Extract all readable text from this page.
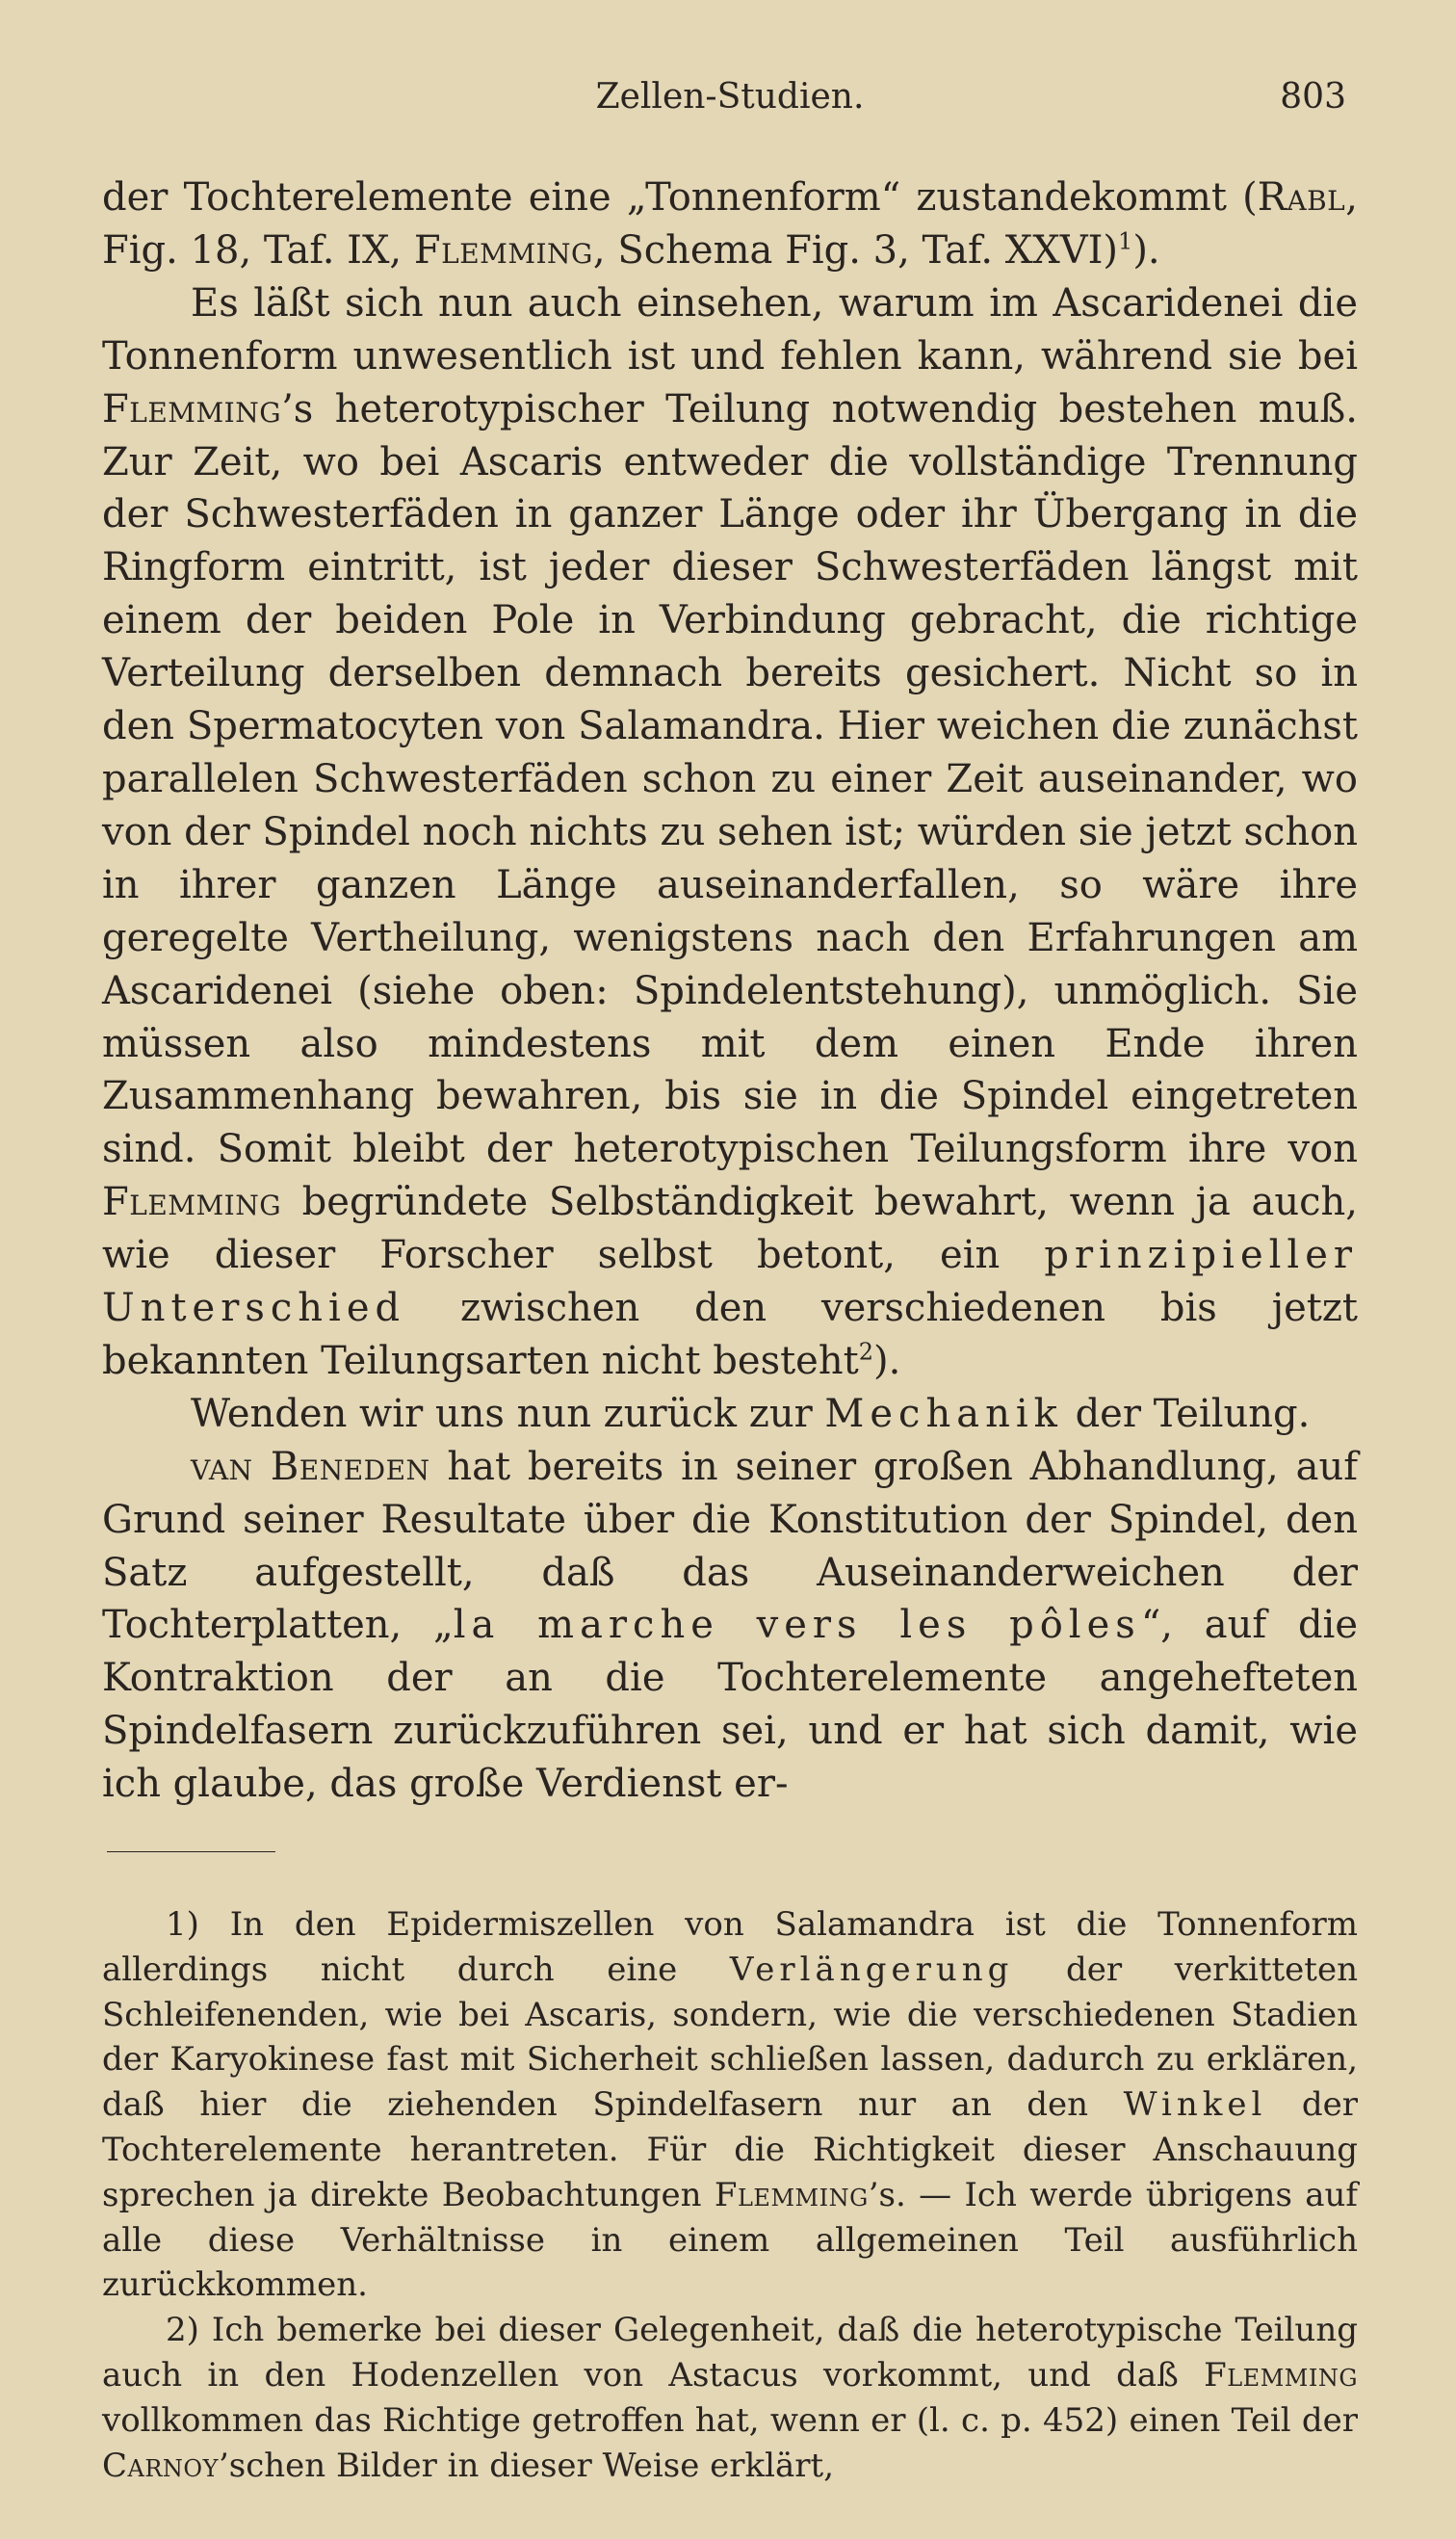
Zellen-Studien.	803

der Tochterelemente eine „Tonnenform“ zustandekommt (Rabl, Fig. 18, Taf. IX, Flemming, Schema Fig. 3, Taf. XXVI)$^1$).

Es läßt sich nun auch einsehen, warum im Ascaridenei die Tonnenform unwesentlich ist und fehlen kann, während sie bei Flemming’s heterotypischer Teilung notwendig bestehen muß. Zur Zeit, wo bei Ascaris entweder die vollständige Trennung der Schwesterfäden in ganzer Länge oder ihr Übergang in die Ringform eintritt, ist jeder dieser Schwesterfäden längst mit einem der beiden Pole in Verbindung gebracht, die richtige Verteilung derselben demnach bereits gesichert. Nicht so in den Spermatocyten von Salamandra. Hier weichen die zunächst parallelen Schwesterfäden schon zu einer Zeit auseinander, wo von der Spindel noch nichts zu sehen ist; würden sie jetzt schon in ihrer ganzen Länge auseinanderfallen, so wäre ihre geregelte Vertheilung, wenigstens nach den Erfahrungen am Ascaridenei (siehe oben: Spindelentstehung), unmöglich. Sie müssen also mindestens mit dem einen Ende ihren Zusammenhang bewahren, bis sie in die Spindel eingetreten sind. Somit bleibt der heterotypischen Teilungsform ihre von Flemming begründete Selbständigkeit bewahrt, wenn ja auch, wie dieser Forscher selbst betont, ein prinzipieller Unterschied zwischen den verschiedenen bis jetzt bekannten Teilungsarten nicht besteht$^2$).

Wenden wir uns nun zurück zur Mechanik der Teilung.

van Beneden hat bereits in seiner großen Abhandlung, auf Grund seiner Resultate über die Konstitution der Spindel, den Satz aufgestellt, daß das Auseinanderweichen der Tochterplatten, „la marche vers les pôles“, auf die Kontraktion der an die Tochterelemente angehefteten Spindelfasern zurückzuführen sei, und er hat sich damit, wie ich glaube, das große Verdienst er-

1) In den Epidermiszellen von Salamandra ist die Tonnenform allerdings nicht durch eine Verlängerung der verkitteten Schleifenenden, wie bei Ascaris, sondern, wie die verschiedenen Stadien der Karyokinese fast mit Sicherheit schließen lassen, dadurch zu erklären, daß hier die ziehenden Spindelfasern nur an den Winkel der Tochterelemente herantreten. Für die Richtigkeit dieser Anschauung sprechen ja direkte Beobachtungen Flemming’s. — Ich werde übrigens auf alle diese Verhältnisse in einem allgemeinen Teil ausführlich zurückkommen.

2) Ich bemerke bei dieser Gelegenheit, daß die heterotypische Teilung auch in den Hodenzellen von Astacus vorkommt, und daß Flemming vollkommen das Richtige getroffen hat, wenn er (l. c. p. 452) einen Teil der Carnoy’schen Bilder in dieser Weise erklärt,
